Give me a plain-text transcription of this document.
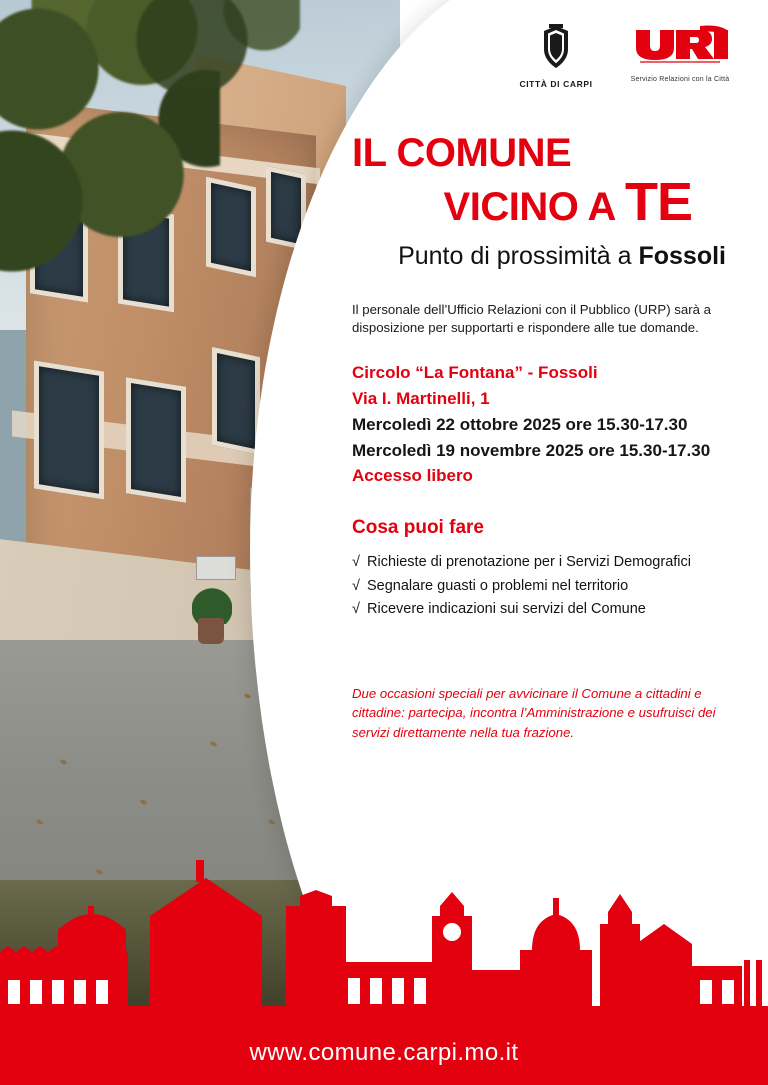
CITTÀ DI CARPI	Servizio Relazioni con la Città
IL COMUNE
VICINO A TE
Punto di prossimità a Fossoli
Il personale dell’Ufficio Relazioni con il Pubblico (URP) sarà a disposizione per supportarti e rispondere alle tue domande.
Circolo “La Fontana” - Fossoli
Via I. Martinelli, 1
Mercoledì 22 ottobre 2025 ore 15.30-17.30
Mercoledì 19 novembre 2025 ore 15.30-17.30
Accesso libero
Cosa puoi fare
√ Richieste di prenotazione per i Servizi Demografici
√ Segnalare guasti o problemi nel territorio
√ Ricevere indicazioni sui servizi del Comune
Due occasioni speciali per avvicinare il Comune a cittadini e cittadine: partecipa, incontra l’Amministrazione e usufruisci dei servizi direttamente nella tua frazione.
www.comune.carpi.mo.it
